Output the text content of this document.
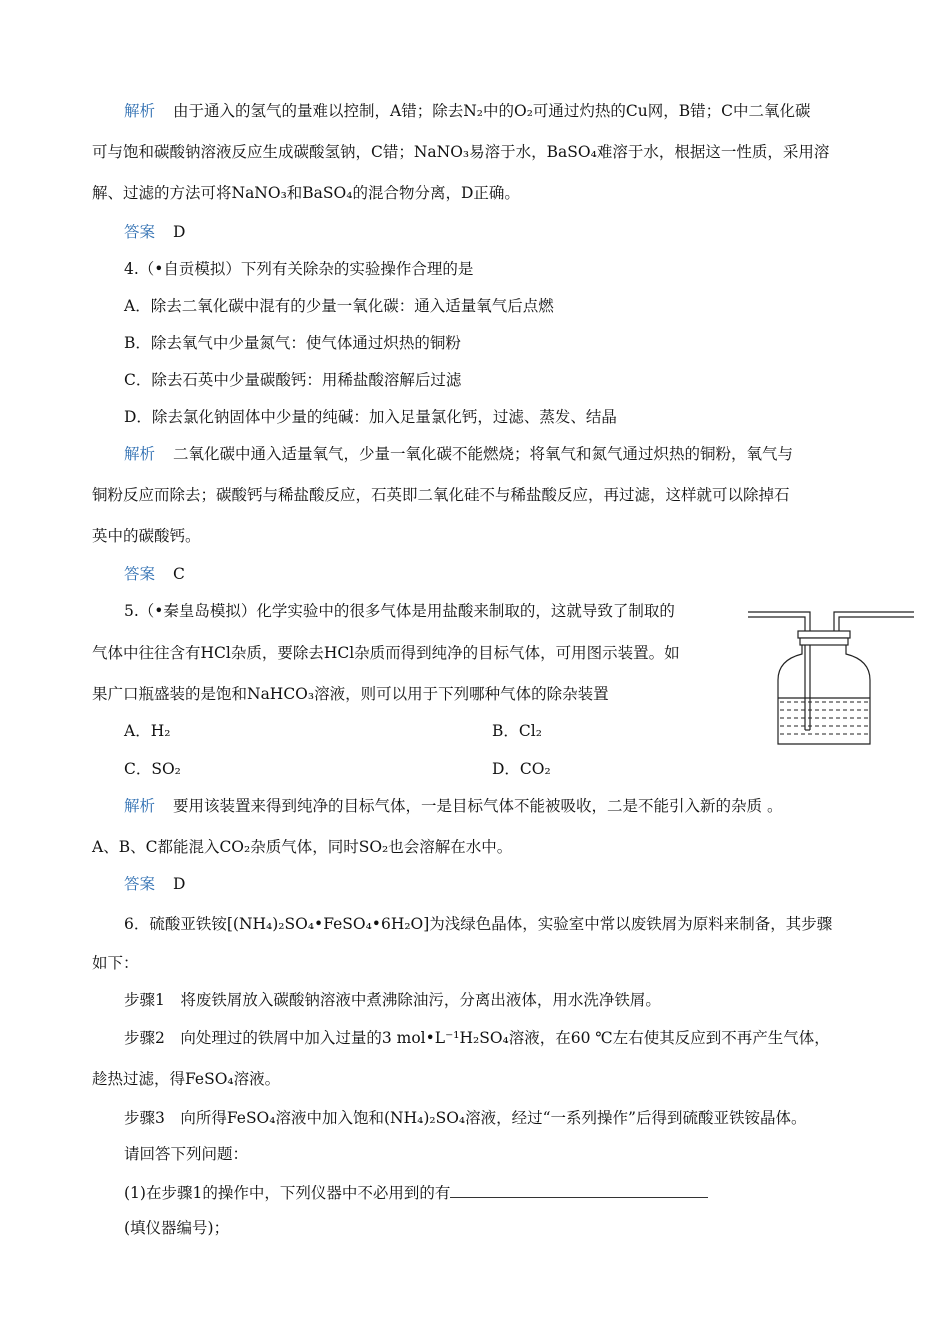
解析 由于通入的氢气的量难以控制，A错；除去N₂中的O₂可通过灼热的Cu网，B错；C中二氧化碳
可与饱和碳酸钠溶液反应生成碳酸氢钠，C错；NaNO₃易溶于水，BaSO₄难溶于水，根据这一性质，采用溶
解、过滤的方法可将NaNO₃和BaSO₄的混合物分离，D正确。
答案 D
4.（•自贡模拟）下列有关除杂的实验操作合理的是
A．除去二氧化碳中混有的少量一氧化碳：通入适量氧气后点燃
B．除去氧气中少量氮气：使气体通过炽热的铜粉
C．除去石英中少量碳酸钙：用稀盐酸溶解后过滤
D．除去氯化钠固体中少量的纯碱：加入足量氯化钙，过滤、蒸发、结晶
解析 二氧化碳中通入适量氧气，少量一氧化碳不能燃烧；将氧气和氮气通过炽热的铜粉，氧气与
铜粉反应而除去；碳酸钙与稀盐酸反应，石英即二氧化硅不与稀盐酸反应，再过滤，这样就可以除掉石
英中的碳酸钙。
答案 C
5.（•秦皇岛模拟）化学实验中的很多气体是用盐酸来制取的，这就导致了制取的
气体中往往含有HCl杂质，要除去HCl杂质而得到纯净的目标气体，可用图示装置。如
果广口瓶盛装的是饱和NaHCO₃溶液，则可以用于下列哪种气体的除杂装置
A．H₂	B．Cl₂
C．SO₂	D．CO₂
解析 要用该装置来得到纯净的目标气体，一是目标气体不能被吸收，二是不能引入新的杂质 。
A、B、C都能混入CO₂杂质气体，同时SO₂也会溶解在水中。
答案 D
6．硫酸亚铁铵[(NH₄)₂SO₄•FeSO₄•6H₂O]为浅绿色晶体，实验室中常以废铁屑为原料来制备，其步骤
如下：
步骤1　将废铁屑放入碳酸钠溶液中煮沸除油污，分离出液体，用水洗净铁屑。
步骤2　向处理过的铁屑中加入过量的3 mol•L⁻¹H₂SO₄溶液，在60 ℃左右使其反应到不再产生气体，
趁热过滤，得FeSO₄溶液。
步骤3　向所得FeSO₄溶液中加入饱和(NH₄)₂SO₄溶液，经过“一系列操作”后得到硫酸亚铁铵晶体。
请回答下列问题：
(1)在步骤1的操作中，下列仪器中不必用到的有
(填仪器编号)；
